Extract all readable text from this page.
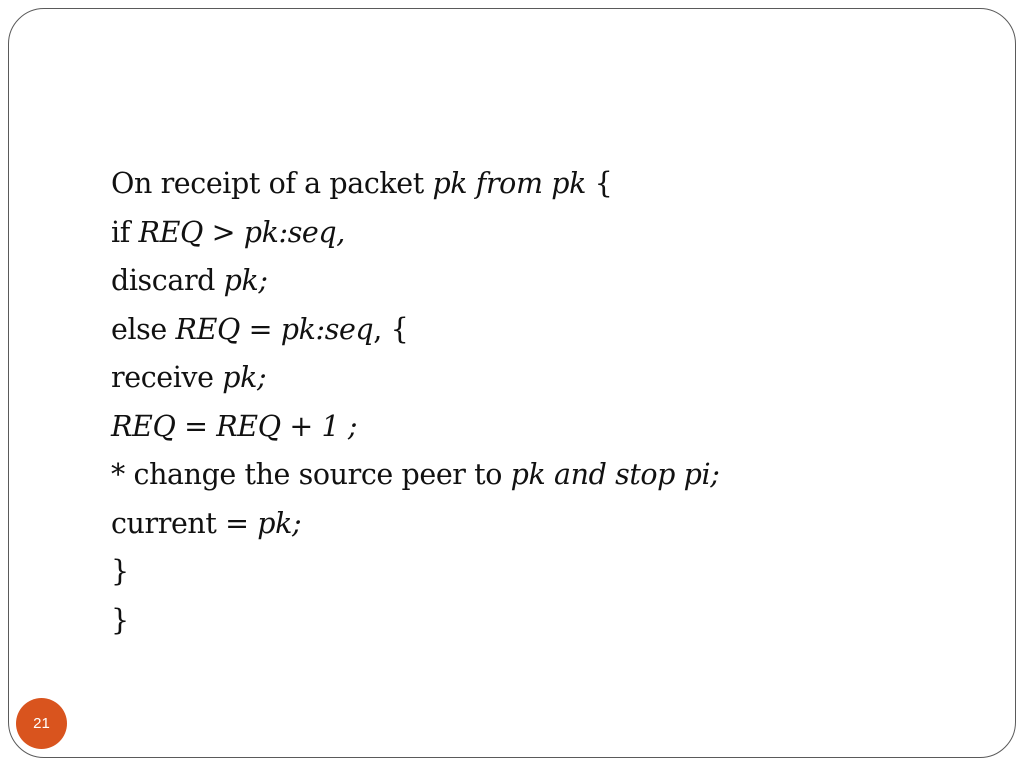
On receipt of a packet pk from pk {
if REQ > pk:seq,
discard pk;
else REQ = pk:seq, {
receive pk;
REQ = REQ + 1 ;
* change the source peer to pk and stop pi;
current = pk;
}
}
21
